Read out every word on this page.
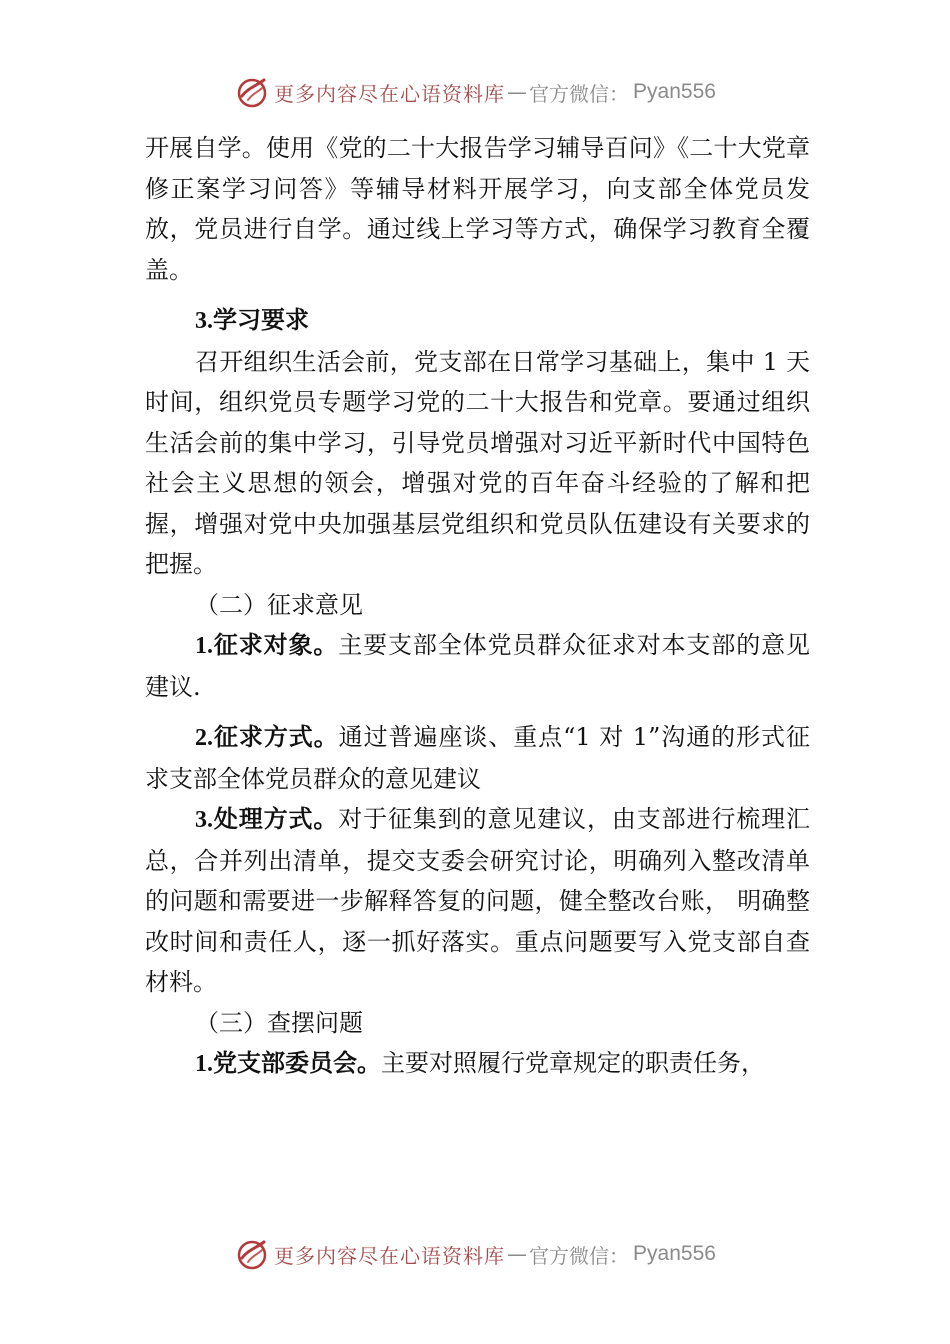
更多内容尽在心语资料库 — 官方微信： Pyan556

开展自学。使用《党的二十大报告学习辅导百问》《二十大党章修正案学习问答》等辅导材料开展学习，向支部全体党员发放，党员进行自学。通过线上学习等方式，确保学习教育全覆盖。

3.学习要求

召开组织生活会前，党支部在日常学习基础上，集中 1 天时间，组织党员专题学习党的二十大报告和党章。要通过组织生活会前的集中学习，引导党员增强对习近平新时代中国特色社会主义思想的领会，增强对党的百年奋斗经验的了解和把握，增强对党中央加强基层党组织和党员队伍建设有关要求的把握。

（二）征求意见

1.征求对象。主要支部全体党员群众征求对本支部的意见建议.

2.征求方式。通过普遍座谈、重点“1 对 1”沟通的形式征求支部全体党员群众的意见建议

3.处理方式。对于征集到的意见建议，由支部进行梳理汇总，合并列出清单，提交支委会研究讨论，明确列入整改清单的问题和需要进一步解释答复的问题，健全整改台账， 明确整改时间和责任人，逐一抓好落实。重点问题要写入党支部自查材料。

（三）查摆问题

1.党支部委员会。主要对照履行党章规定的职责任务，

更多内容尽在心语资料库 — 官方微信： Pyan556
